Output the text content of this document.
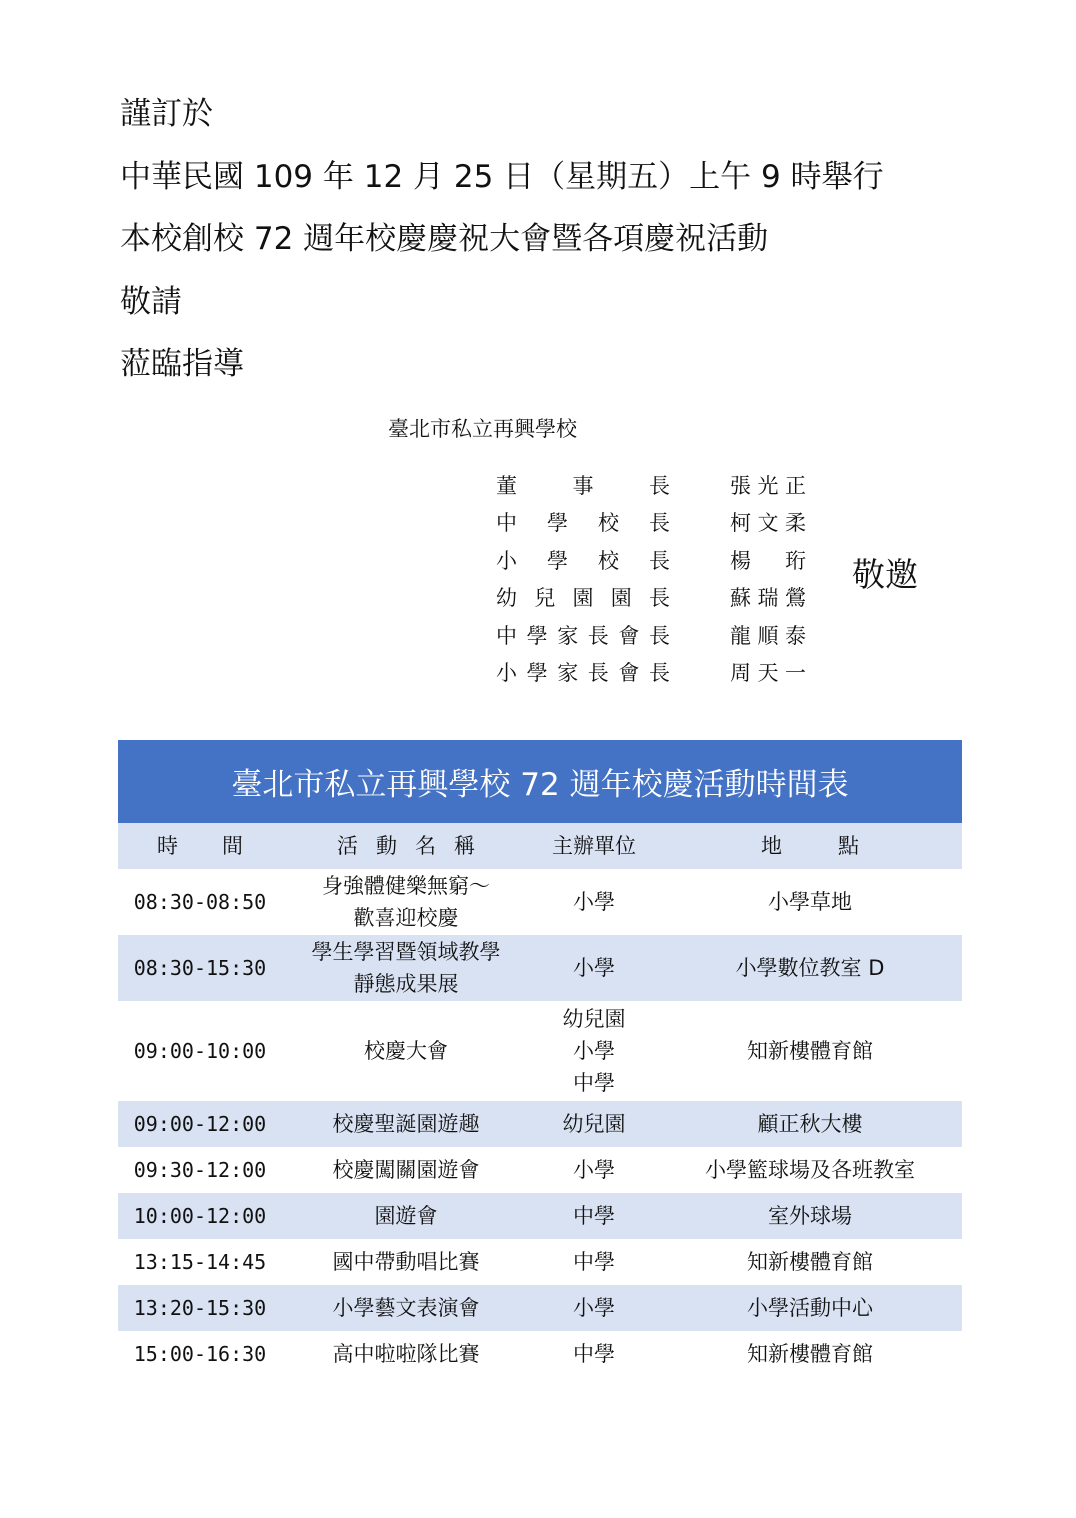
謹訂於
中華民國 109 年 12 月 25 日（星期五）上午 9 時舉行
本校創校 72 週年校慶慶祝大會暨各項慶祝活動
敬請
蒞臨指導
臺北市私立再興學校
董	事	長	張 光 正
中 學 校 長	柯 文 柔
小 學 校 長	楊 珩
幼 兒 園 園 長	蘇 瑞 鶯
中 學 家 長 會 長	龍 順 泰
小 學 家 長 會 長	周 天 一
敬邀
臺北市私立再興學校 72 週年校慶活動時間表
時 間	活 動 名 稱	主辦單位	地 點

08:30-08:50	身強體健樂無窮～
歡喜迎校慶	小學	小學草地
08:30-15:30	學生學習暨領域教學
靜態成果展	小學	小學數位教室 D
09:00-10:00	校慶大會	幼兒園
小學
中學	知新樓體育館
09:00-12:00	校慶聖誕園遊趣	幼兒園	顧正秋大樓
09:30-12:00	校慶闖關園遊會	小學	小學籃球場及各班教室
10:00-12:00	園遊會	中學	室外球場
13:15-14:45	國中帶動唱比賽	中學	知新樓體育館
13:20-15:30	小學藝文表演會	小學	小學活動中心
15:00-16:30	高中啦啦隊比賽	中學	知新樓體育館
